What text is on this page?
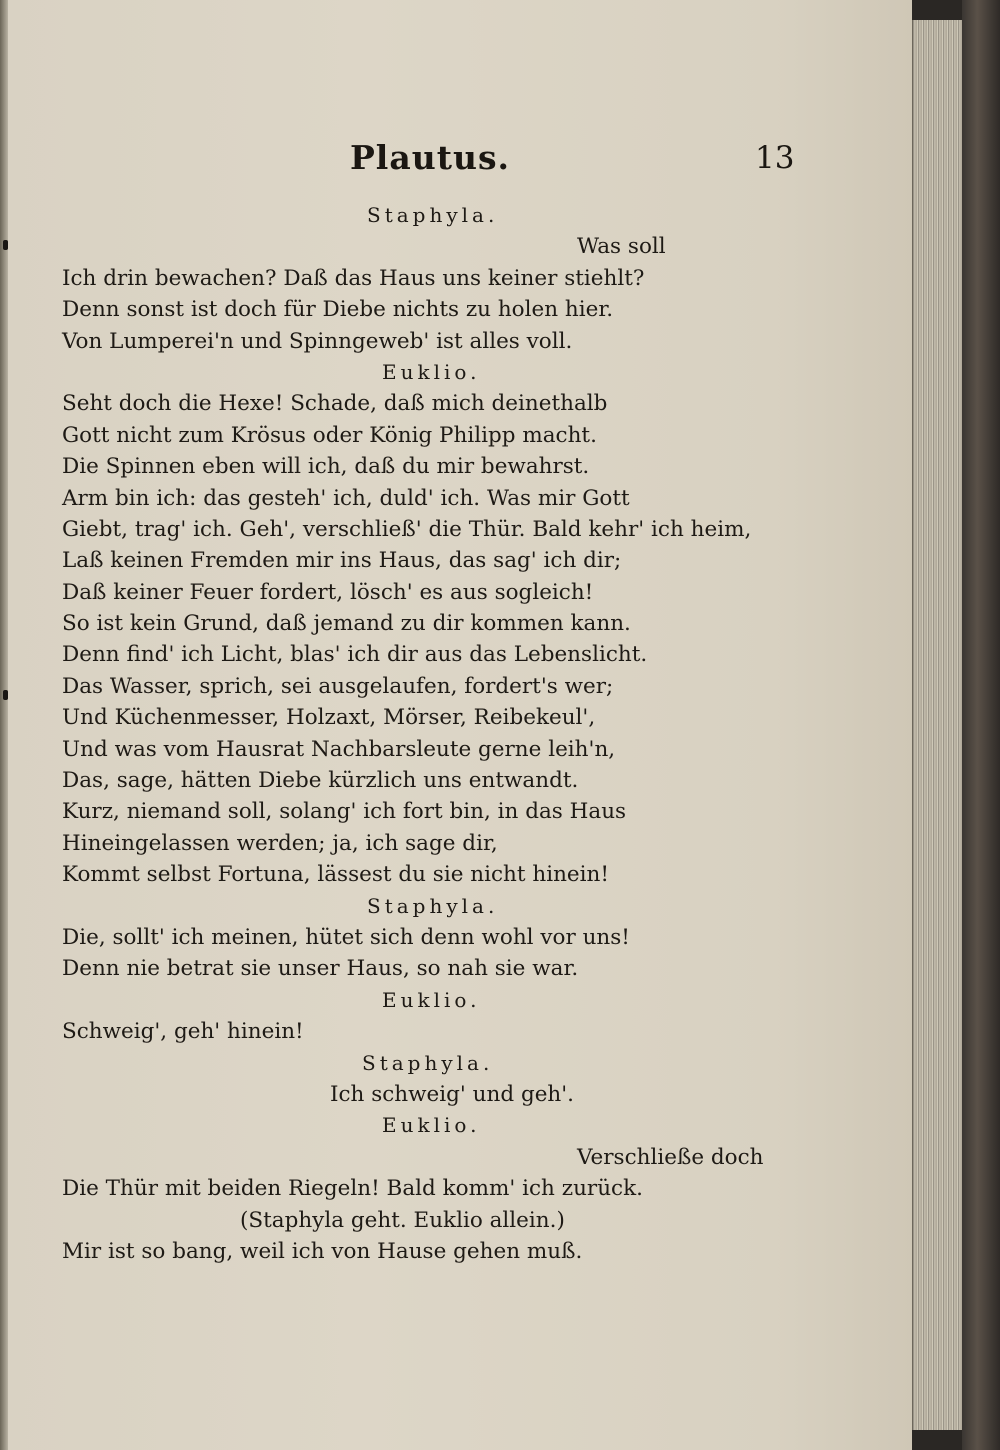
Plautus.	13
Staphyla.
Was soll
Ich drin bewachen? Daß das Haus uns keiner stiehlt?
Denn sonst ist doch für Diebe nichts zu holen hier.
Von Lumperei'n und Spinngeweb' ist alles voll.
Euklio.
Seht doch die Hexe! Schade, daß mich deinethalb
Gott nicht zum Krösus oder König Philipp macht.
Die Spinnen eben will ich, daß du mir bewahrst.
Arm bin ich: das gesteh' ich, duld' ich. Was mir Gott
Giebt, trag' ich. Geh', verschließ' die Thür. Bald kehr' ich heim,
Laß keinen Fremden mir ins Haus, das sag' ich dir;
Daß keiner Feuer fordert, lösch' es aus sogleich!
So ist kein Grund, daß jemand zu dir kommen kann.
Denn find' ich Licht, blas' ich dir aus das Lebenslicht.
Das Wasser, sprich, sei ausgelaufen, fordert's wer;
Und Küchenmesser, Holzaxt, Mörser, Reibekeul',
Und was vom Hausrat Nachbarsleute gerne leih'n,
Das, sage, hätten Diebe kürzlich uns entwandt.
Kurz, niemand soll, solang' ich fort bin, in das Haus
Hineingelassen werden; ja, ich sage dir,
Kommt selbst Fortuna, lässest du sie nicht hinein!
Staphyla.
Die, sollt' ich meinen, hütet sich denn wohl vor uns!
Denn nie betrat sie unser Haus, so nah sie war.
Euklio.
Schweig', geh' hinein!
Staphyla.
Ich schweig' und geh'.
Euklio.
Verschließe doch
Die Thür mit beiden Riegeln! Bald komm' ich zurück.
(Staphyla geht. Euklio allein.)
Mir ist so bang, weil ich von Hause gehen muß.
